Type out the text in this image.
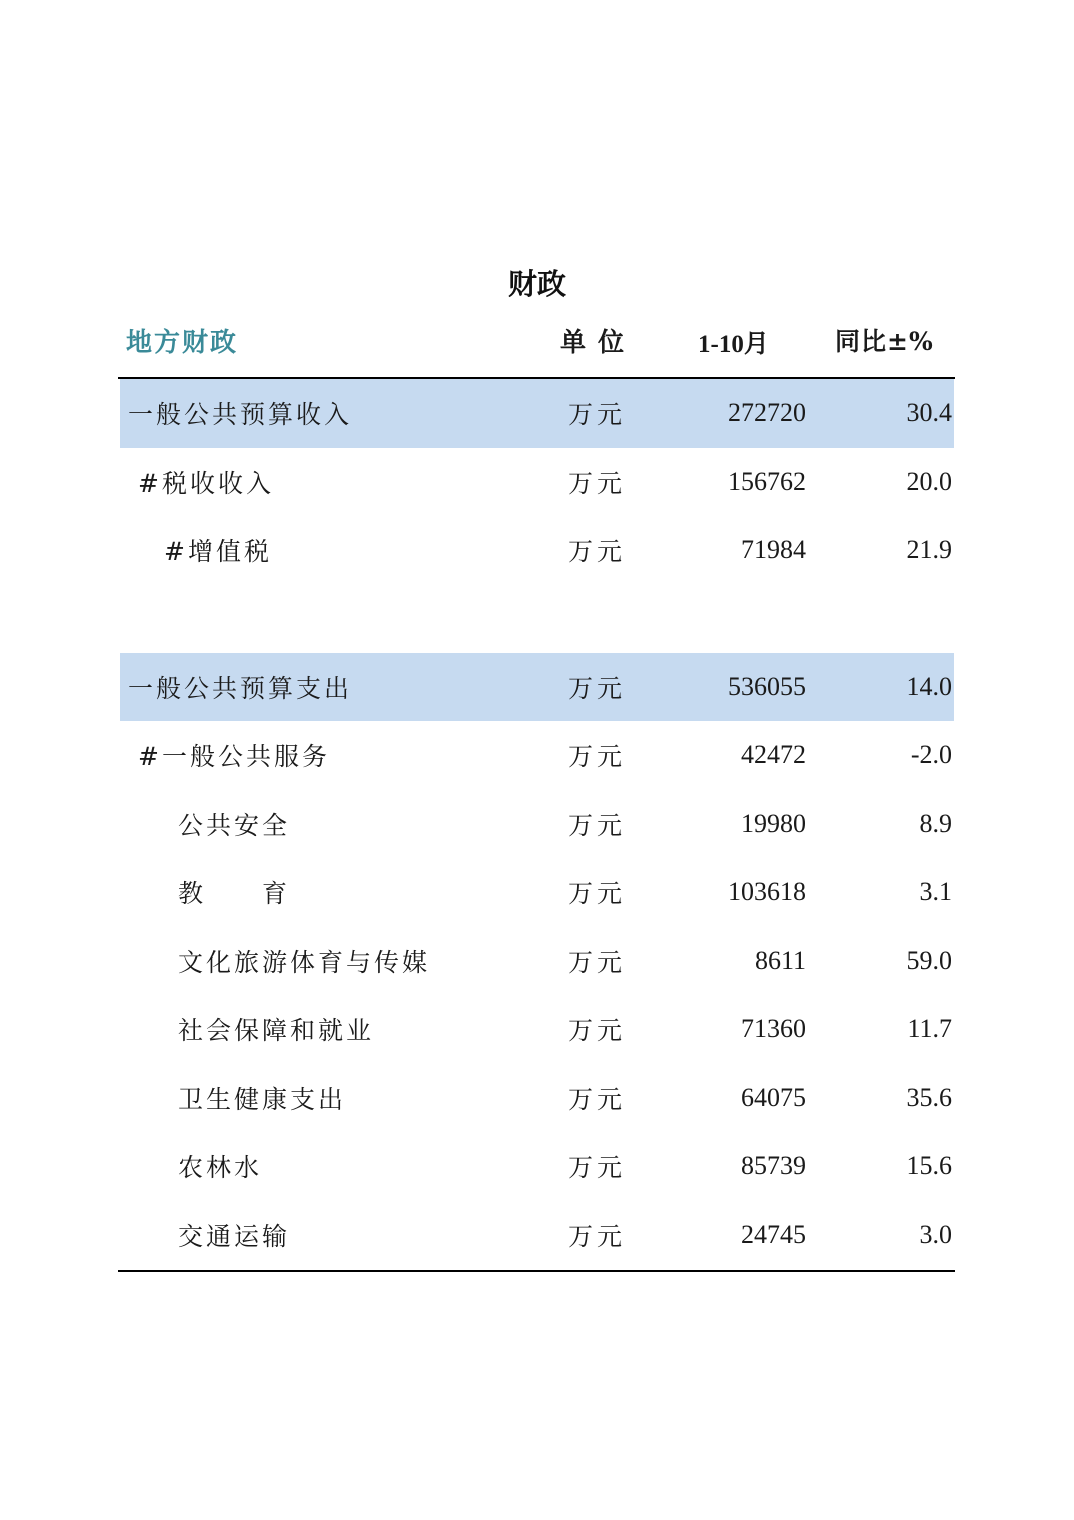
财政
地方财政	单位 1-10月	同比±%
一般公共预算收入	万元	272720	30.4
#税收收入	万元	156762	20.0
#增值税	万元	71984	21.9
一般公共预算支出	万元	536055	14.0
#一般公共服务	万元	42472	-2.0
公共安全	万元	19980	8.9
教　　育	万元	103618	3.1
文化旅游体育与传媒	万元	8611	59.0
社会保障和就业	万元	71360	11.7
卫生健康支出	万元	64075	35.6
农林水	万元	85739	15.6
交通运输	万元	24745	3.0
